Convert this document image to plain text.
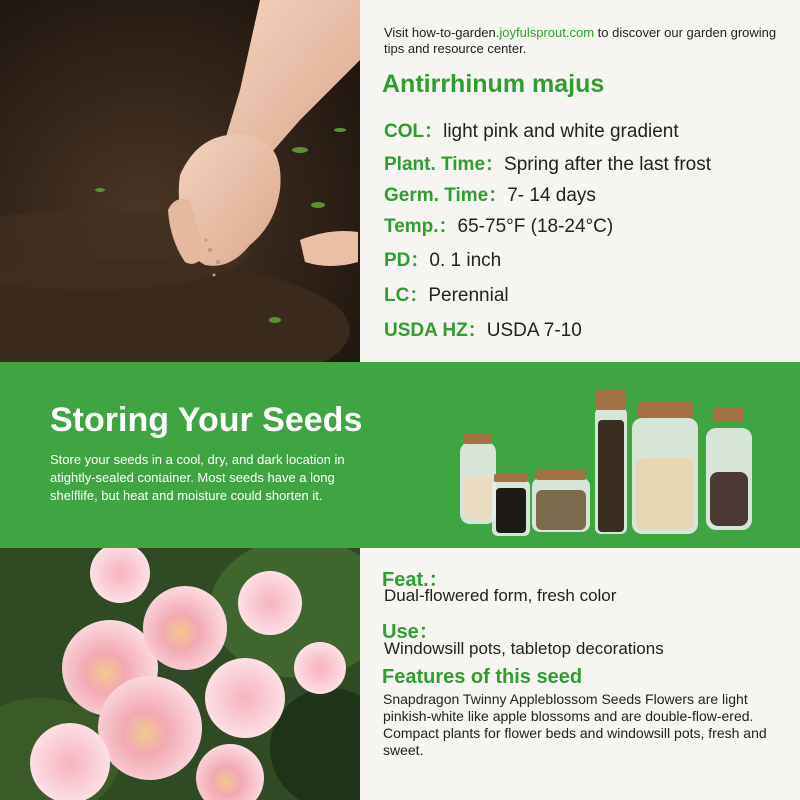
Visit how-to-garden.joyfulsprout.com to discover our garden growing tips and resource center.
Antirrhinum majus
COL：light pink and white gradient
Plant. Time：Spring after the last frost
Germ. Time：7- 14 days
Temp.：65-75°F (18-24°C)
PD：0. 1 inch
LC：Perennial
USDA HZ：USDA 7-10
Storing Your Seeds
Store your seeds in a cool, dry, and dark location in atightly-sealed container. Most seeds have a long shelflife, but heat and moisture could shorten it.
Feat.：
Dual-flowered form, fresh color
Use：
Windowsill pots, tabletop decorations
Features of this seed
Snapdragon Twinny Appleblossom Seeds Flowers are light pinkish-white like apple blossoms and are double-flow-ered. Compact plants for flower beds and windowsill pots, fresh and sweet.
